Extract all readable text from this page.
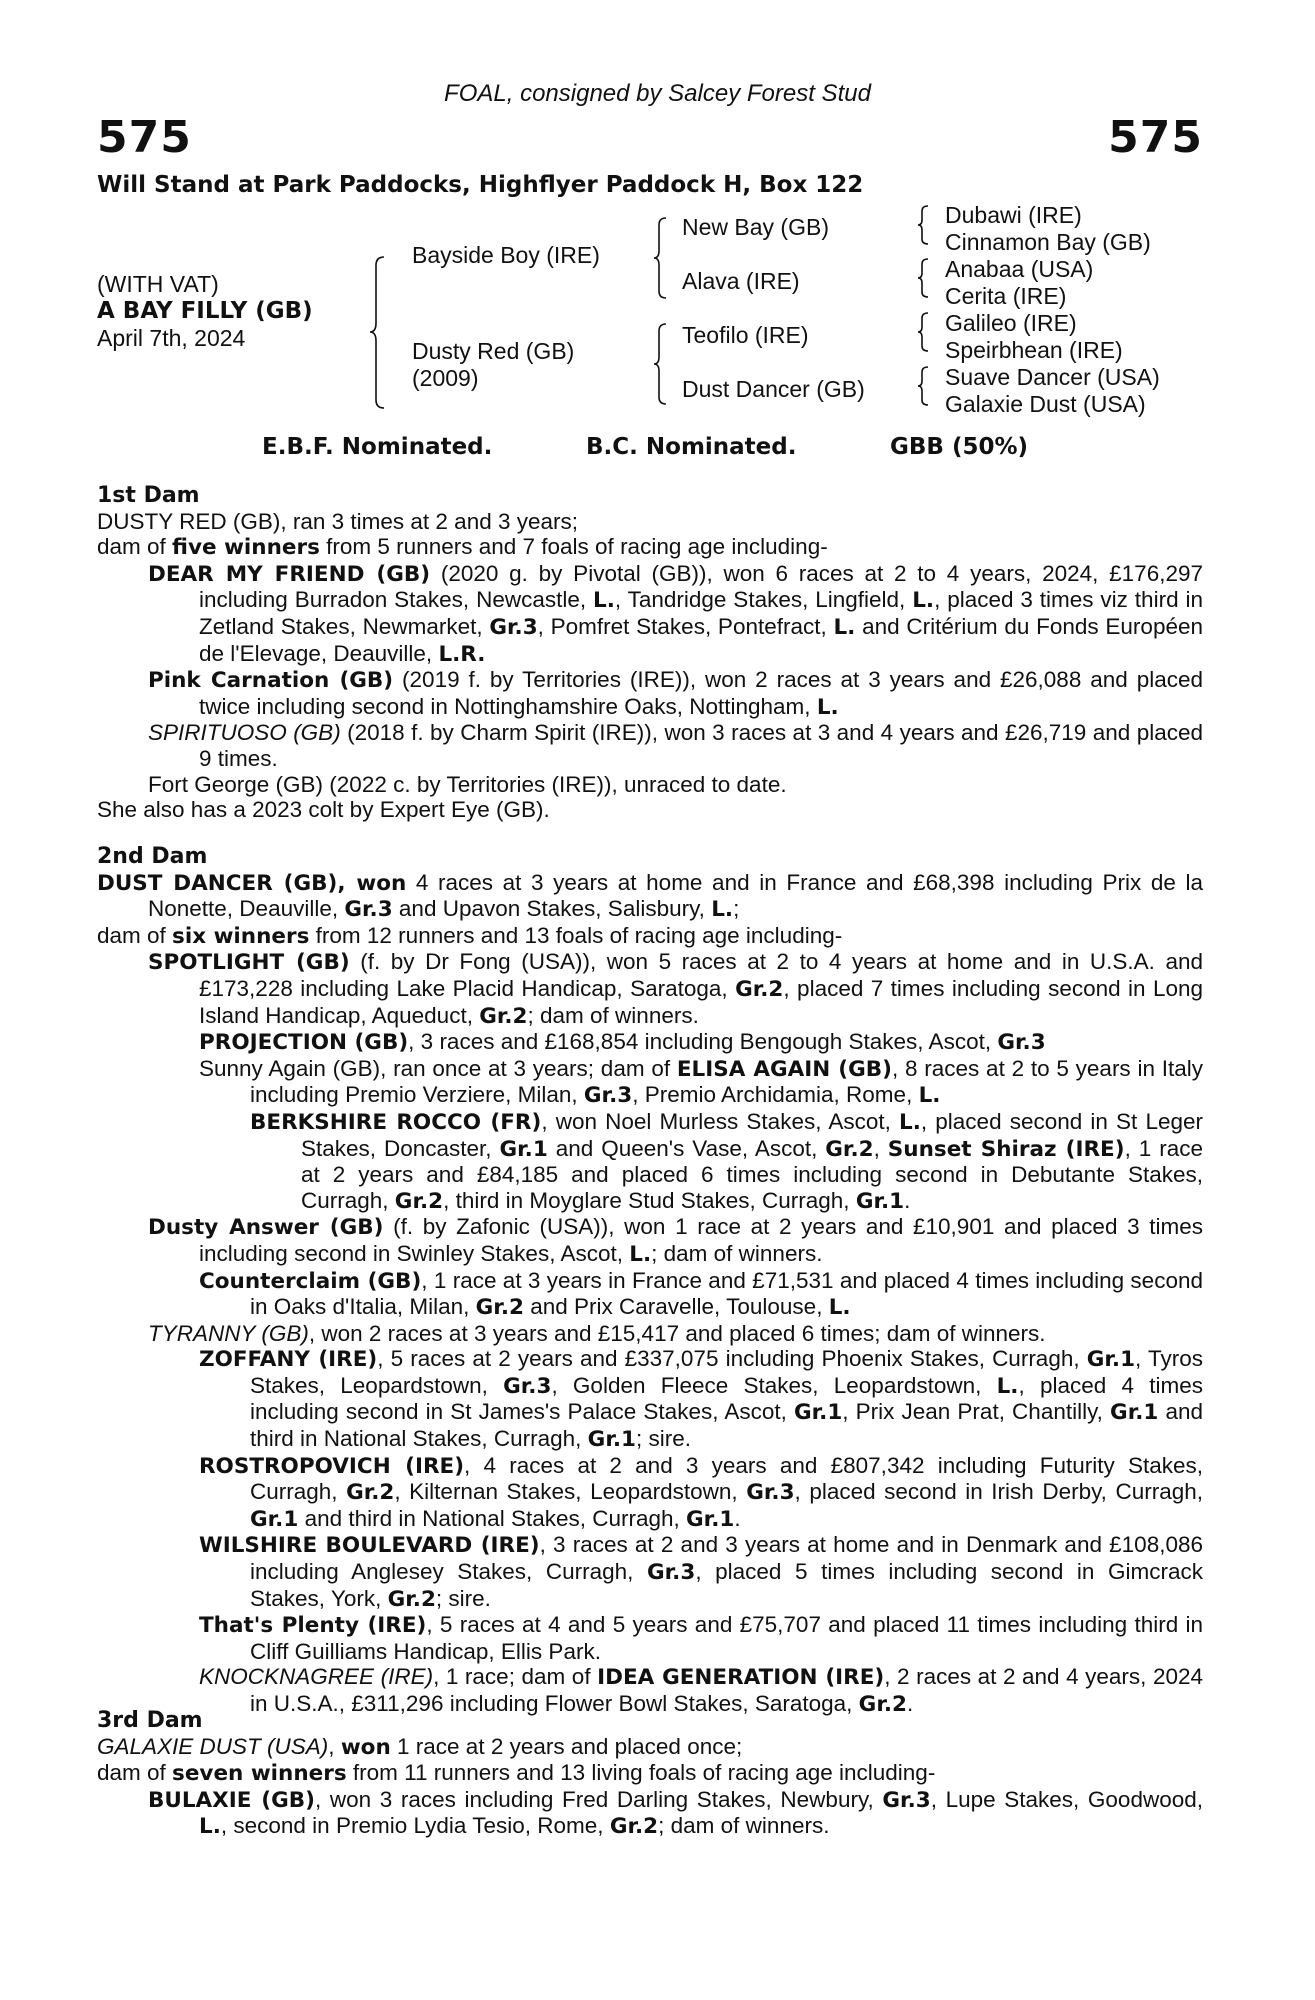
FOAL, consigned by Salcey Forest Stud
575	575
Will Stand at Park Paddocks, Highflyer Paddock H, Box 122
(WITH VAT)
A BAY FILLY (GB)
April 7th, 2024
Bayside Boy (IRE)
Dusty Red (GB)
(2009)
New Bay (GB)
Alava (IRE)
Teofilo (IRE)
Dust Dancer (GB)
Dubawi (IRE)
Cinnamon Bay (GB)
Anabaa (USA)
Cerita (IRE)
Galileo (IRE)
Speirbhean (IRE)
Suave Dancer (USA)
Galaxie Dust (USA)
E.B.F. Nominated.	B.C. Nominated.	GBB (50%)

1st Dam

DUSTY RED (GB), ran 3 times at 2 and 3 years;

dam of five winners from 5 runners and 7 foals of racing age including-

DEAR MY FRIEND (GB) (2020 g. by Pivotal (GB)), won 6 races at 2 to 4 years, 2024, £176,297 including Burradon Stakes, Newcastle, L., Tandridge Stakes, Lingfield, L., placed 3 times viz third in Zetland Stakes, Newmarket, Gr.3, Pomfret Stakes, Pontefract, L. and Critérium du Fonds Européen de l'Elevage, Deauville, L.R.

Pink Carnation (GB) (2019 f. by Territories (IRE)), won 2 races at 3 years and £26,088 and placed twice including second in Nottinghamshire Oaks, Nottingham, L.

SPIRITUOSO (GB) (2018 f. by Charm Spirit (IRE)), won 3 races at 3 and 4 years and £26,719 and placed 9 times.

Fort George (GB) (2022 c. by Territories (IRE)), unraced to date.

She also has a 2023 colt by Expert Eye (GB).

2nd Dam

DUST DANCER (GB), won 4 races at 3 years at home and in France and £68,398 including Prix de la Nonette, Deauville, Gr.3 and Upavon Stakes, Salisbury, L.;

dam of six winners from 12 runners and 13 foals of racing age including-

SPOTLIGHT (GB) (f. by Dr Fong (USA)), won 5 races at 2 to 4 years at home and in U.S.A. and £173,228 including Lake Placid Handicap, Saratoga, Gr.2, placed 7 times including second in Long Island Handicap, Aqueduct, Gr.2; dam of winners.

PROJECTION (GB), 3 races and £168,854 including Bengough Stakes, Ascot, Gr.3

Sunny Again (GB), ran once at 3 years; dam of ELISA AGAIN (GB), 8 races at 2 to 5 years in Italy including Premio Verziere, Milan, Gr.3, Premio Archidamia, Rome, L.

BERKSHIRE ROCCO (FR), won Noel Murless Stakes, Ascot, L., placed second in St Leger Stakes, Doncaster, Gr.1 and Queen's Vase, Ascot, Gr.2, Sunset Shiraz (IRE), 1 race at 2 years and £84,185 and placed 6 times including second in Debutante Stakes, Curragh, Gr.2, third in Moyglare Stud Stakes, Curragh, Gr.1.

Dusty Answer (GB) (f. by Zafonic (USA)), won 1 race at 2 years and £10,901 and placed 3 times including second in Swinley Stakes, Ascot, L.; dam of winners.

Counterclaim (GB), 1 race at 3 years in France and £71,531 and placed 4 times including second in Oaks d'Italia, Milan, Gr.2 and Prix Caravelle, Toulouse, L.

TYRANNY (GB), won 2 races at 3 years and £15,417 and placed 6 times; dam of winners.

ZOFFANY (IRE), 5 races at 2 years and £337,075 including Phoenix Stakes, Curragh, Gr.1, Tyros Stakes, Leopardstown, Gr.3, Golden Fleece Stakes, Leopardstown, L., placed 4 times including second in St James's Palace Stakes, Ascot, Gr.1, Prix Jean Prat, Chantilly, Gr.1 and third in National Stakes, Curragh, Gr.1; sire.

ROSTROPOVICH (IRE), 4 races at 2 and 3 years and £807,342 including Futurity Stakes, Curragh, Gr.2, Kilternan Stakes, Leopardstown, Gr.3, placed second in Irish Derby, Curragh, Gr.1 and third in National Stakes, Curragh, Gr.1.

WILSHIRE BOULEVARD (IRE), 3 races at 2 and 3 years at home and in Denmark and £108,086 including Anglesey Stakes, Curragh, Gr.3, placed 5 times including second in Gimcrack Stakes, York, Gr.2; sire.

That's Plenty (IRE), 5 races at 4 and 5 years and £75,707 and placed 11 times including third in Cliff Guilliams Handicap, Ellis Park.

KNOCKNAGREE (IRE), 1 race; dam of IDEA GENERATION (IRE), 2 races at 2 and 4 years, 2024 in U.S.A., £311,296 including Flower Bowl Stakes, Saratoga, Gr.2.

3rd Dam

GALAXIE DUST (USA), won 1 race at 2 years and placed once;

dam of seven winners from 11 runners and 13 living foals of racing age including-

BULAXIE (GB), won 3 races including Fred Darling Stakes, Newbury, Gr.3, Lupe Stakes, Goodwood, L., second in Premio Lydia Tesio, Rome, Gr.2; dam of winners.
